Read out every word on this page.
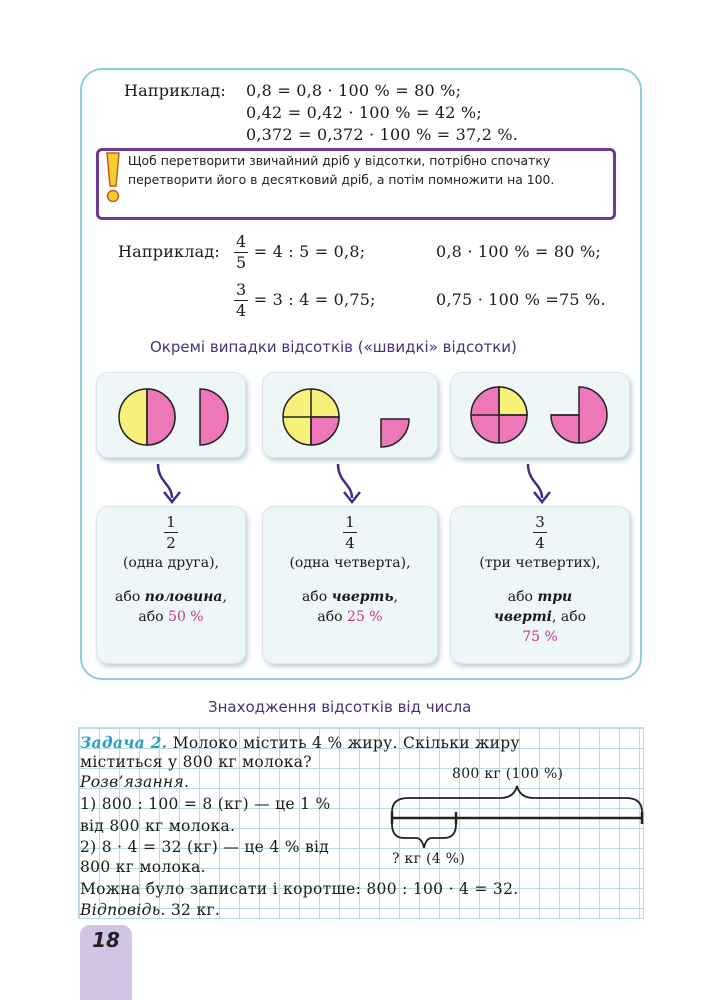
Наприклад: 0,8 = 0,8 · 100 % = 80 %;
0,42 = 0,42 · 100 % = 42 %;
0,372 = 0,372 · 100 % = 37,2 %.
Щоб перетворити звичайний дріб у відсотки, потрібно спочатку перетворити його в десятковий дріб, а потім помножити на 100.
Наприклад: $\frac{4}{5} = 4$ : 5 = 0,8;	0,8 · 100 % = 80 %;
$\frac{3}{4} = 3$ : 4 = 0,75;	0,75 · 100 % =75 %.
Окремі випадки відсотків («швидкі» відсотки)
$\frac{1}{2}$

(одна друга),

або половина,
або 50 %
$\frac{1}{4}$

(одна четверта),

або чверть,
або 25 %
$\frac{3}{4}$

(три четвертих),

або три
чверті, або
75 %
Знаходження відсотків від числа
Задача 2. Молоко містить 4 % жиру. Скільки жиру
міститься у 800 кг молока?
Розв’язання.
1) 800 : 100 = 8 (кг) — це 1 %
від 800 кг молока.
2) 8 · 4 = 32 (кг) — це 4 % від
800 кг молока.
Можна було записати і коротше: 800 : 100 · 4 = 32.
Відповідь. 32 кг.
800 кг (100 %)
? кг (4 %)
18
